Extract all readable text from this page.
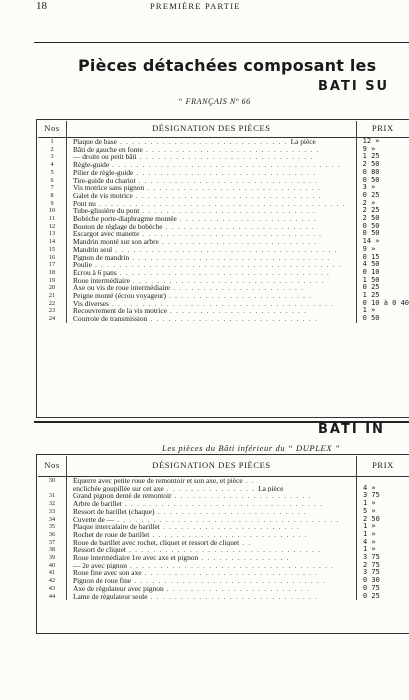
18	PREMIÈRE PARTIE
Pièces détachées composant les
BATI SU
“ FRANÇAIS Nº 66
Nos	DÉSIGNATION DES PIÈCES	PRIX
1	Plaque de base . . . . . . . . . . . . . . . . . . . . . . . . . . . . La pièce	12 »
2	Bâti de gauche en fonte . . . . . . . . . . . . . . . . . . . . . . . . . . . . .	9 »
3	— droite ou petit bâti . . . . . . . . . . . . . . . . . . . . . . . . . . . . .	1 25
4	Règle-guide . . . . . . . . . . . . . . . . . . . . . . . . . . . . . . . . . . . . . .	2 50
5	Pilier de règle-guide . . . . . . . . . . . . . . . . . . . . . . . . . . . . . .	0 80
6	Tire-guide du chariot . . . . . . . . . . . . . . . . . . . . . . . . . . . . . .	0 50
7	Vis motrice sans pignon . . . . . . . . . . . . . . . . . . . . . . . . . . . . .	3 »
8	Galet de vis motrice . . . . . . . . . . . . . . . . . . . . . . . . . . . . . . .	0 25
9	Pont nu . . . . . . . . . . . . . . . . . . . . . . . . . . . . . . . . . . . . . . . . .	2 »
10	Tube-glissière du pont . . . . . . . . . . . . . . . . . . . . . . . . . . . . .	2 25
11	Bobèche porte-diaphragme montée . . . . . . . . . . . . . . . . . . . . . . .	2 50
12	Bouton de réglage de bobèche . . . . . . . . . . . . . . . . . . . . . . . . .	0 50
13	Escargot avec manette . . . . . . . . . . . . . . . . . . . . . . . . . . . . . .	0 50
14	Mandrin monté sur son arbre . . . . . . . . . . . . . . . . . . . . . . . . . .	14 »
15	Mandrin seul . . . . . . . . . . . . . . . . . . . . . . . . . . . . . . . . . . . . .	9 »
16	Pignon de mandrin . . . . . . . . . . . . . . . . . . . . . . . . . . . . . . . . .	0 15
17	Poulie . . . . . . . . . . . . . . . . . . . . . . . . . . . . . . . . . . . . . . . . .	4 50
18	Écrou à 6 pans . . . . . . . . . . . . . . . . . . . . . . . . . . . . . . . . . . .	0 10
19	Roue intermédiaire . . . . . . . . . . . . . . . . . . . . . . . . . . . . . . . .	1 50
20	Axe ou vis de roue intermédiaire . . . . . . . . . . . . . . . . . . . . . .	0 25
21	Peigne monté (écrou voyageur) . . . . . . . . . . . . . . . . . . . . . . . .	1 25
22	Vis diverses . . . . . . . . . . . . . . . . . . . . . . . . . . . . . . . . . . . . .	0 10 à 0 40
23	Recouvrement de la vis motrice . . . . . . . . . . . . . . . . . . . . . . .	1 »
24	Courroie de transmission . . . . . . . . . . . . . . . . . . . . . . . . . . . .	0 50
BATI IN
Les pièces du Bâti inférieur du “ DUPLEX ”
Nos	DÉSIGNATION DES PIÈCES	PRIX
30	Équerre avec petite roue de remontoir et son axe, et pièce . .	
	enclichée goupillée sur cet axe . . . . . . . . . . . . . . . La pièce	4 »
31	Grand pignon denté de remontoir . . . . . . . . . . . . . . . . . . . . . . .	3 75
32	Arbre de barillet . . . . . . . . . . . . . . . . . . . . . . . . . . . . . . . . .	1 »
33	Ressort de barillet (chaque) . . . . . . . . . . . . . . . . . . . . . . . . .	5 »
34	Cuvette de — . . . . . . . . . . . . . . . . . . . . . . . . . . . . . . . . . . . . .	2 50
35	Plaque intercalaire de barillet . . . . . . . . . . . . . . . . . . . . . . .	1 »
36	Rochet de roue de barillet . . . . . . . . . . . . . . . . . . . . . . . . . .	1 »
37	Roue de barillet avec rochet, cliquet et ressort de cliquet . .	4 »
38	Ressort de cliquet . . . . . . . . . . . . . . . . . . . . . . . . . . . . . . . .	1 »
39	Roue intermédiaire 1re avec axe et pignon . . . . . . . . . . . . . . .	3 75
40	— 2e avec pignon . . . . . . . . . . . . . . . . . . . . . . . . . . . . . . . . . .	2 75
41	Roue fine avec son axe . . . . . . . . . . . . . . . . . . . . . . . . . . . . .	3 75
42	Pignon de roue fine . . . . . . . . . . . . . . . . . . . . . . . . . . . . . . . .	0 30
43	Axe de régulateur avec pignon . . . . . . . . . . . . . . . . . . . . . . . .	0 75
44	Lame de régulateur seule . . . . . . . . . . . . . . . . . . . . . . . . . . . .	0 25
